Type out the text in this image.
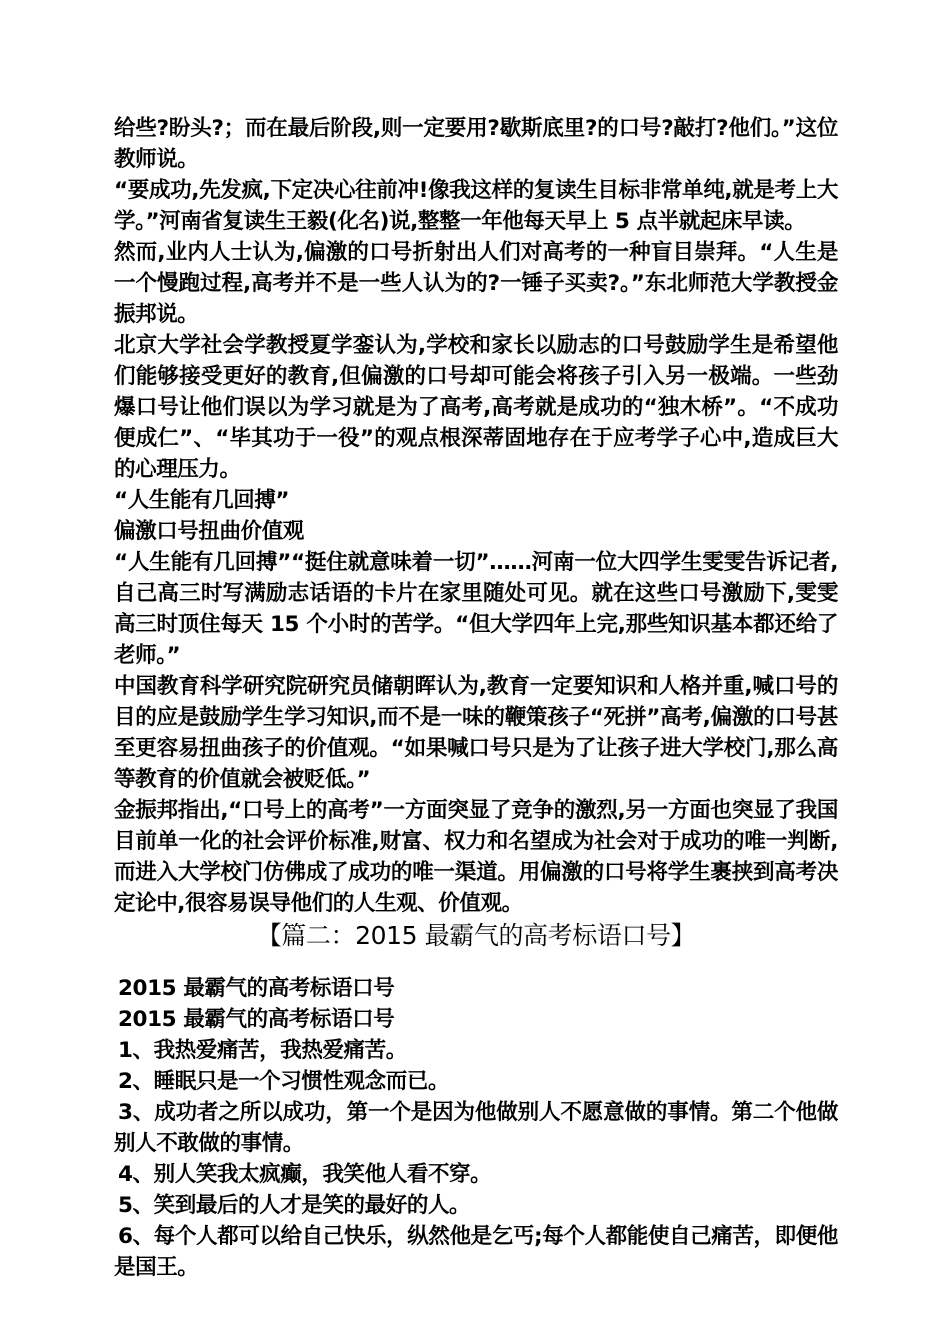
给些?盼头?；而在最后阶段,则一定要用?歇斯底里?的口号?敲打?他们。”这位教师说。

“要成功,先发疯,下定决心往前冲!像我这样的复读生目标非常单纯,就是考上大学。”河南省复读生王毅(化名)说,整整一年他每天早上 5 点半就起床早读。

然而,业内人士认为,偏激的口号折射出人们对高考的一种盲目崇拜。“人生是一个慢跑过程,高考并不是一些人认为的?一锤子买卖?。”东北师范大学教授金振邦说。

北京大学社会学教授夏学銮认为,学校和家长以励志的口号鼓励学生是希望他们能够接受更好的教育,但偏激的口号却可能会将孩子引入另一极端。一些劲爆口号让他们误以为学习就是为了高考,高考就是成功的“独木桥”。“不成功便成仁”、“毕其功于一役”的观点根深蒂固地存在于应考学子心中,造成巨大的心理压力。

“人生能有几回搏”

偏激口号扭曲价值观

“人生能有几回搏”“挺住就意味着一切”……河南一位大四学生雯雯告诉记者,自己高三时写满励志话语的卡片在家里随处可见。就在这些口号激励下,雯雯高三时顶住每天 15 个小时的苦学。“但大学四年上完,那些知识基本都还给了老师。”

中国教育科学研究院研究员储朝晖认为,教育一定要知识和人格并重,喊口号的目的应是鼓励学生学习知识,而不是一味的鞭策孩子“死拼”高考,偏激的口号甚至更容易扭曲孩子的价值观。“如果喊口号只是为了让孩子进大学校门,那么高等教育的价值就会被贬低。”

金振邦指出,“口号上的高考”一方面突显了竞争的激烈,另一方面也突显了我国目前单一化的社会评价标准,财富、权力和名望成为社会对于成功的唯一判断,而进入大学校门仿佛成了成功的唯一渠道。用偏激的口号将学生裹挟到高考决定论中,很容易误导他们的人生观、价值观。

【篇二：2015 最霸气的高考标语口号】

2015 最霸气的高考标语口号

2015 最霸气的高考标语口号

1、我热爱痛苦，我热爱痛苦。

2、睡眠只是一个习惯性观念而已。

3、成功者之所以成功，第一个是因为他做别人不愿意做的事情。第二个他做别人不敢做的事情。

4、别人笑我太疯癫，我笑他人看不穿。

5、笑到最后的人才是笑的最好的人。

6、每个人都可以给自己快乐，纵然他是乞丐;每个人都能使自己痛苦，即便他是国王。
